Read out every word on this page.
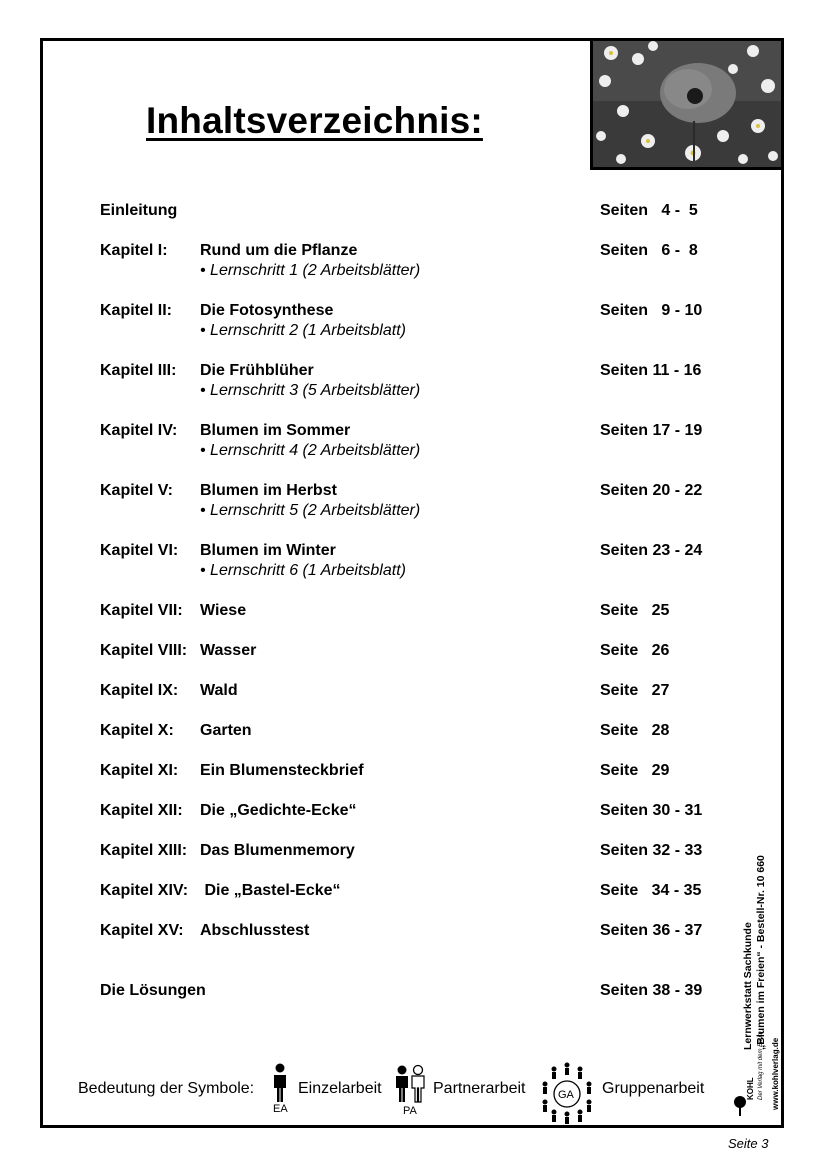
Inhaltsverzeichnis:
Einleitung	Seiten   4 -  5
Kapitel I: Rund um die Pflanze	Seiten   6 -  8
• Lernschritt 1 (2 Arbeitsblätter)
Kapitel II: Die Fotosynthese	Seiten   9 - 10
• Lernschritt 2 (1 Arbeitsblatt)
Kapitel III: Die Frühblüher	Seiten 11 - 16
• Lernschritt 3 (5 Arbeitsblätter)
Kapitel IV: Blumen im Sommer	Seiten 17 - 19
• Lernschritt 4 (2 Arbeitsblätter)
Kapitel V: Blumen im Herbst	Seiten 20 - 22
• Lernschritt 5 (2 Arbeitsblätter)
Kapitel VI: Blumen im Winter	Seiten 23 - 24
• Lernschritt 6 (1 Arbeitsblatt)
Kapitel VII: Wiese	Seite   25
Kapitel VIII: Wasser	Seite   26
Kapitel IX: Wald	Seite   27
Kapitel X: Garten	Seite   28
Kapitel XI: Ein Blumensteckbrief	Seite   29
Kapitel XII: Die „Gedichte-Ecke“	Seiten 30 - 31
Kapitel XIII: Das Blumenmemory	Seiten 32 - 33
Kapitel XIV: Die „Bastel-Ecke“	Seite   34 - 35
Kapitel XV: Abschlusstest	Seiten 36 - 37
Die Lösungen	Seiten 38 - 39
Bedeutung der Symbole:
EA
Einzelarbeit
PA
Partnerarbeit	GA Gruppenarbeit
Lernwerkstatt Sachkunde „Blumen im Freien“ - Bestell-Nr. 10 660
KOHL Der Verlag mit dem Baum www.kohlverlag.de
Seite 3
